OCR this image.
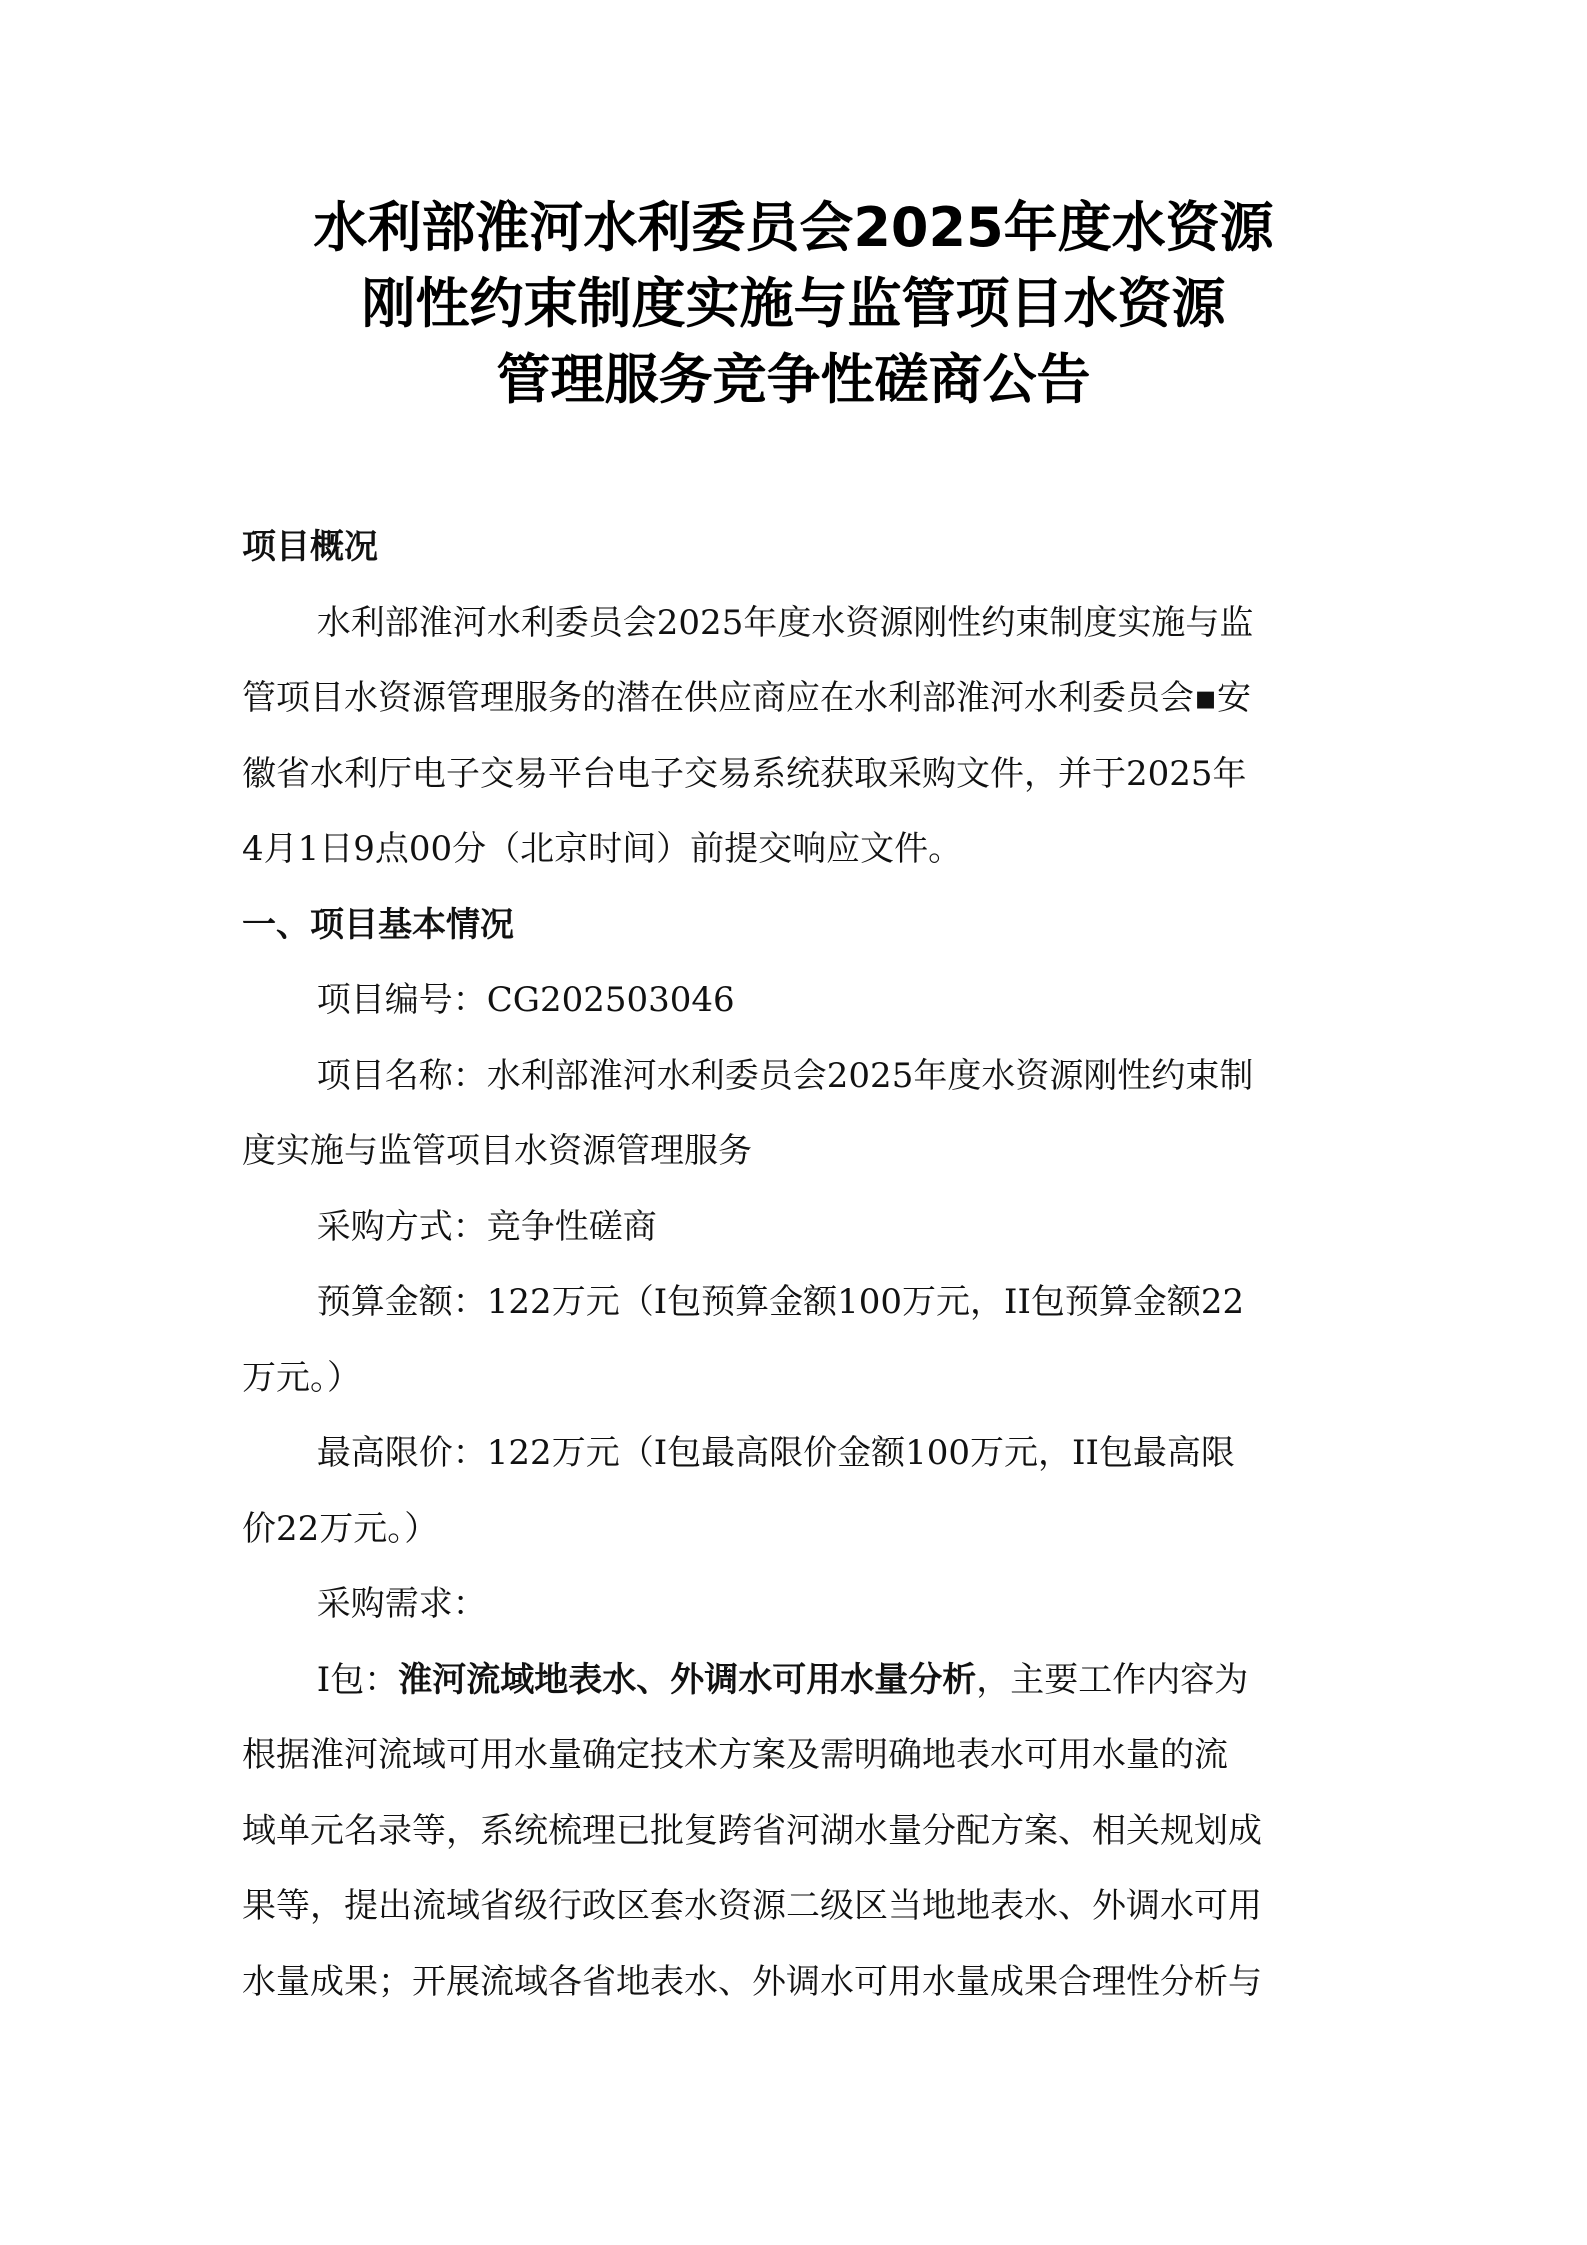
水利部淮河水利委员会2025年度水资源
刚性约束制度实施与监管项目水资源
管理服务竞争性磋商公告
项目概况
水利部淮河水利委员会2025年度水资源刚性约束制度实施与监
管项目水资源管理服务的潜在供应商应在水利部淮河水利委员会▪安
徽省水利厅电子交易平台电子交易系统获取采购文件，并于2025年
4月1日9点00分（北京时间）前提交响应文件。
一、项目基本情况
项目编号：CG202503046
项目名称：水利部淮河水利委员会2025年度水资源刚性约束制
度实施与监管项目水资源管理服务
采购方式：竞争性磋商
预算金额：122万元（I包预算金额100万元，II包预算金额22
万元。）
最高限价：122万元（I包最高限价金额100万元，II包最高限
价22万元。）
采购需求：
I包：淮河流域地表水、外调水可用水量分析，主要工作内容为
根据淮河流域可用水量确定技术方案及需明确地表水可用水量的流
域单元名录等，系统梳理已批复跨省河湖水量分配方案、相关规划成
果等，提出流域省级行政区套水资源二级区当地地表水、外调水可用
水量成果；开展流域各省地表水、外调水可用水量成果合理性分析与
